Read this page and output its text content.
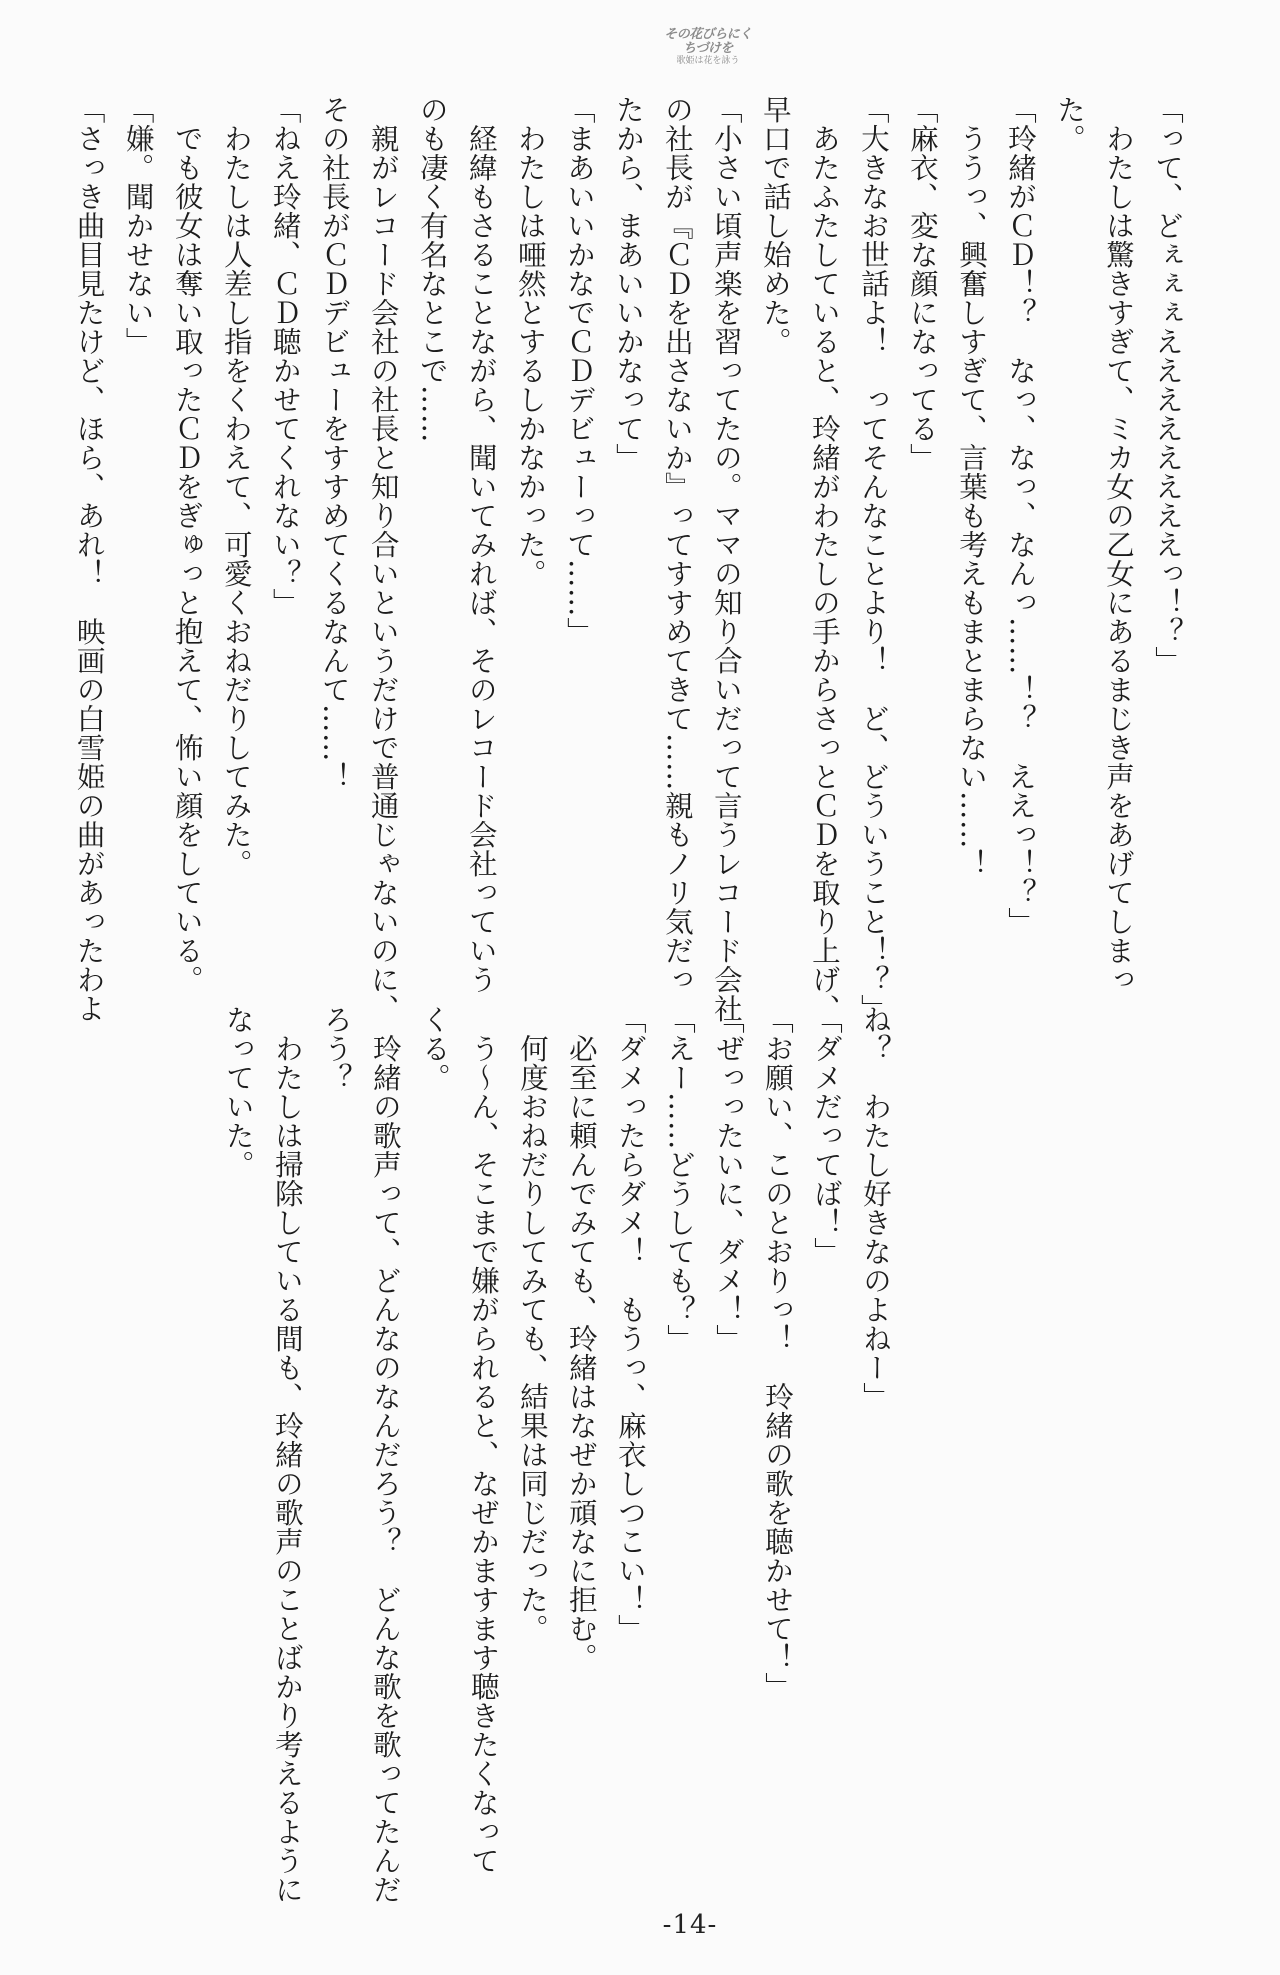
その花びらにくちづけを
歌姫は花を詠う
「って、どぇぇぇええええええええっ！？」
　わたしは驚きすぎて、ミカ女の乙女にあるまじき声をあげてしまっ
た。
「玲緒がＣＤ！？　なっ、なっ、なんっ……！？　ええっ！？」
　ううっ、興奮しすぎて、言葉も考えもまとまらない……！
「麻衣、変な顔になってる」
「大きなお世話よ！　ってそんなことより！　ど、どういうこと！？」
　あたふたしていると、玲緒がわたしの手からさっとＣＤを取り上げ、
早口で話し始めた。
「小さい頃声楽を習ってたの。ママの知り合いだって言うレコード会社
の社長が『ＣＤを出さないか』ってすすめてきて……親もノリ気だっ
たから、まあいいかなって」
「まあいいかなでＣＤデビューって……」
　わたしは唖然とするしかなかった。
　経緯もさることながら、聞いてみれば、そのレコード会社っていう
のも凄く有名なとこで……
　親がレコード会社の社長と知り合いというだけで普通じゃないのに、
その社長がＣＤデビューをすすめてくるなんて……！
「ねえ玲緒、ＣＤ聴かせてくれない？」
　わたしは人差し指をくわえて、可愛くおねだりしてみた。
　でも彼女は奪い取ったＣＤをぎゅっと抱えて、怖い顔をしている。
「嫌。聞かせない」
「さっき曲目見たけど、ほら、あれ！　映画の白雪姫の曲があったわよ
ね？　わたし好きなのよねー」
「ダメだってば！」
「お願い、このとおりっ！　玲緒の歌を聴かせて！」
「ぜっったいに、ダメ！」
「えー……どうしても？」
「ダメったらダメ！　もうっ、麻衣しつこい！」
　必至に頼んでみても、玲緒はなぜか頑なに拒む。
　何度おねだりしてみても、結果は同じだった。
　う～ん、そこまで嫌がられると、なぜかますます聴きたくなって
くる。
　玲緒の歌声って、どんなのなんだろう？　どんな歌を歌ってたんだ
ろう？
　わたしは掃除している間も、玲緒の歌声のことばかり考えるように
なっていた。
-14-
